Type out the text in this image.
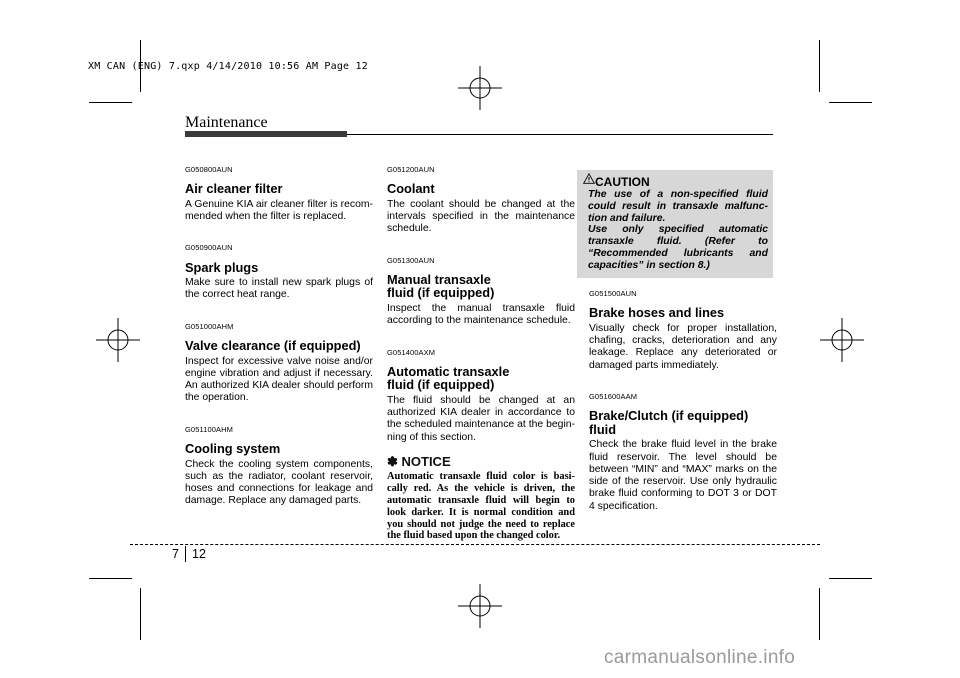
XM CAN (ENG) 7.qxp 4/14/2010 10:56 AM Page 12
Maintenance
G050800AUN
Air cleaner filter

A Genuine KIA air cleaner filter is recom-mended when the filter is replaced.

G050900AUN
Spark plugs

Make sure to install new spark plugs of the correct heat range.

G051000AHM
Valve clearance (if equipped)

Inspect for excessive valve noise and/or engine vibration and adjust if necessary. An authorized KIA dealer should perform the operation.

G051100AHM
Cooling system

Check the cooling system components, such as the radiator, coolant reservoir, hoses and connections for leakage and damage. Replace any damaged parts.

G051200AUN
Coolant

The coolant should be changed at the intervals specified in the maintenance schedule.

G051300AUN
Manual transaxle fluid (if equipped)

Inspect the manual transaxle fluid according to the maintenance schedule.

G051400AXM
Automatic transaxle fluid (if equipped)

The fluid should be changed at an authorized KIA dealer in accordance to the scheduled maintenance at the begin-ning of this section.

✽ NOTICE

Automatic transaxle fluid color is basi-cally red. As the vehicle is driven, the automatic transaxle fluid will begin to look darker. It is normal condition and you should not judge the need to replace the fluid based upon the changed color.

CAUTION

The use of a non-specified fluid could result in transaxle malfunc-tion and failure.

Use only specified automatic transaxle fluid. (Refer to “Recommended lubricants and capacities” in section 8.)

G051500AUN
Brake hoses and lines

Visually check for proper installation, chafing, cracks, deterioration and any leakage. Replace any deteriorated or damaged parts immediately.

G051600AAM
Brake/Clutch (if equipped) fluid

Check the brake fluid level in the brake fluid reservoir. The level should be between “MIN” and “MAX” marks on the side of the reservoir. Use only hydraulic brake fluid conforming to DOT 3 or DOT 4 specification.

7 12
carmanualsonline.info
